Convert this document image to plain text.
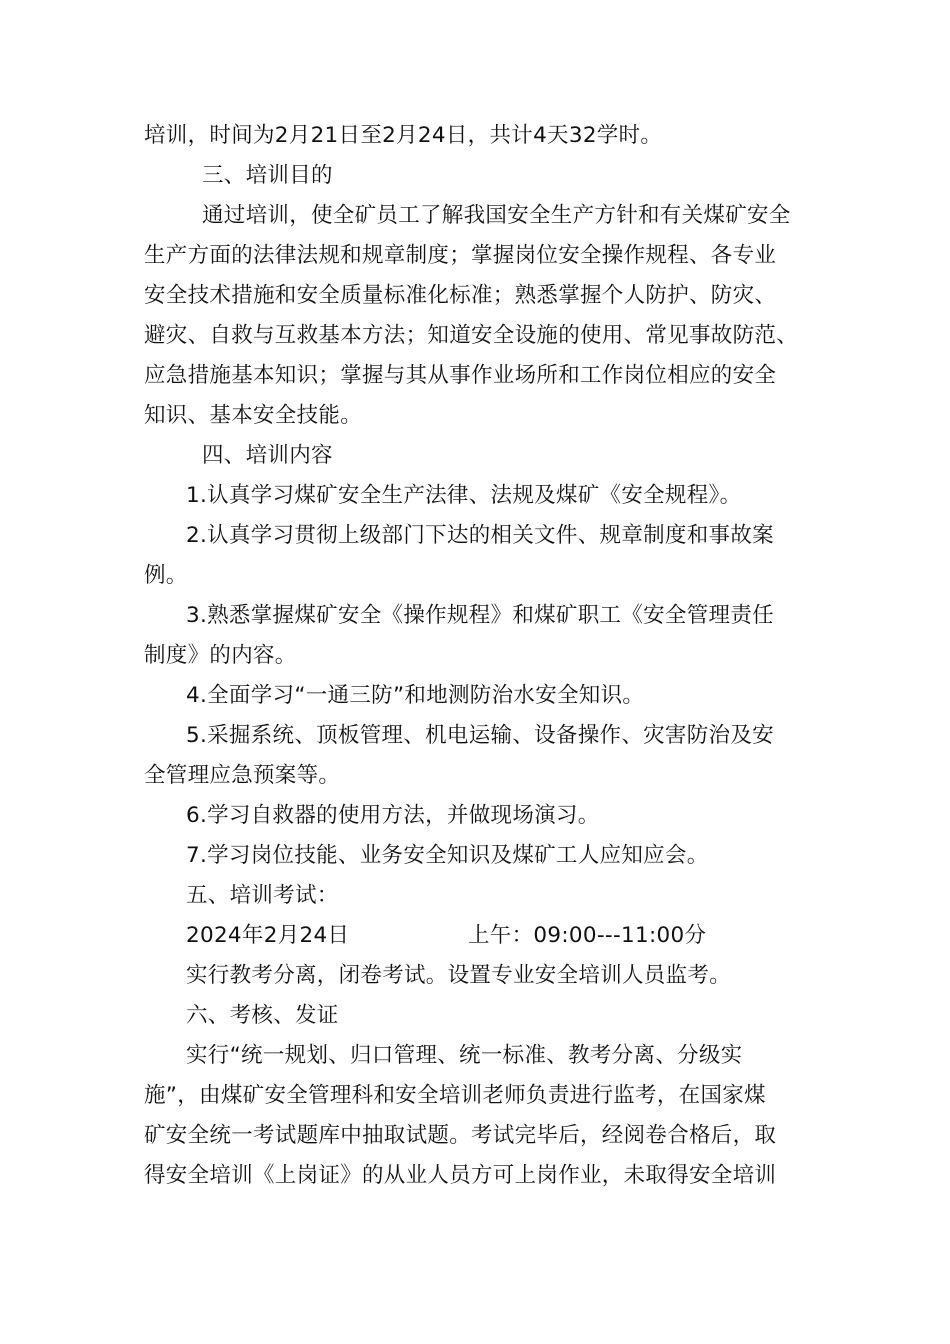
培训，时间为2月21日至2月24日，共计4天32学时。
三、培训目的
通过培训，使全矿员工了解我国安全生产方针和有关煤矿安全
生产方面的法律法规和规章制度；掌握岗位安全操作规程、各专业
安全技术措施和安全质量标准化标准；熟悉掌握个人防护、防灾、
避灾、自救与互救基本方法；知道安全设施的使用、常见事故防范、
应急措施基本知识；掌握与其从事作业场所和工作岗位相应的安全
知识、基本安全技能。
四、培训内容
1.认真学习煤矿安全生产法律、法规及煤矿《安全规程》。
2.认真学习贯彻上级部门下达的相关文件、规章制度和事故案
例。
3.熟悉掌握煤矿安全《操作规程》和煤矿职工《安全管理责任
制度》的内容。
4.全面学习“一通三防”和地测防治水安全知识。
5.采掘系统、顶板管理、机电运输、设备操作、灾害防治及安
全管理应急预案等。
6.学习自救器的使用方法，并做现场演习。
7.学习岗位技能、业务安全知识及煤矿工人应知应会。
五、培训考试：
2024年2月24日	上午：09:00---11:00分
实行教考分离，闭卷考试。设置专业安全培训人员监考。
六、考核、发证
实行“统一规划、归口管理、统一标准、教考分离、分级实
施”，由煤矿安全管理科和安全培训老师负责进行监考，在国家煤
矿安全统一考试题库中抽取试题。考试完毕后，经阅卷合格后，取
得安全培训《上岗证》的从业人员方可上岗作业，未取得安全培训
